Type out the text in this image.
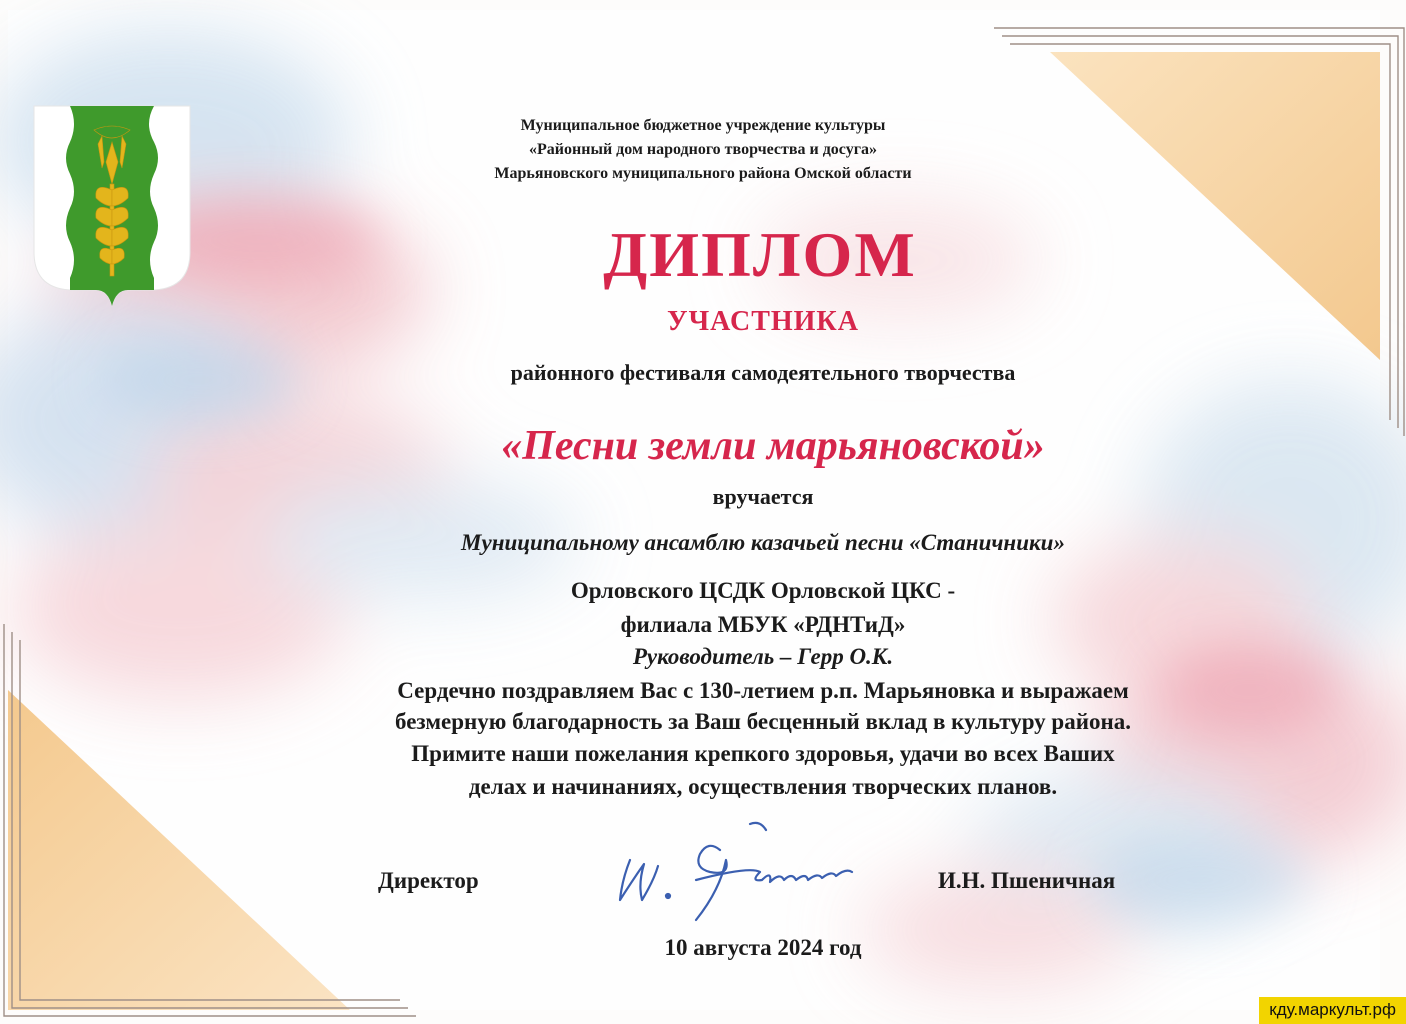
Муниципальное бюджетное учреждение культуры
«Районный дом народного творчества и досуга»
Марьяновского муниципального района Омской области
ДИПЛОМ
УЧАСТНИКА
районного фестиваля самодеятельного творчества
«Песни земли марьяновской»
вручается
Муниципальному ансамблю казачьей песни «Станичники»
Орловского ЦСДК Орловской ЦКС -
филиала МБУК «РДНТиД»
Руководитель – Герр О.К.
Сердечно поздравляем Вас с 130-летием р.п. Марьяновка и выражаем
безмерную благодарность за Ваш бесценный вклад в культуру района.
Примите наши пожелания крепкого здоровья, удачи во всех Ваших
делах и начинаниях, осуществления творческих планов.
Директор	И.Н. Пшеничная
10 августа 2024 год
кду.маркульт.рф
